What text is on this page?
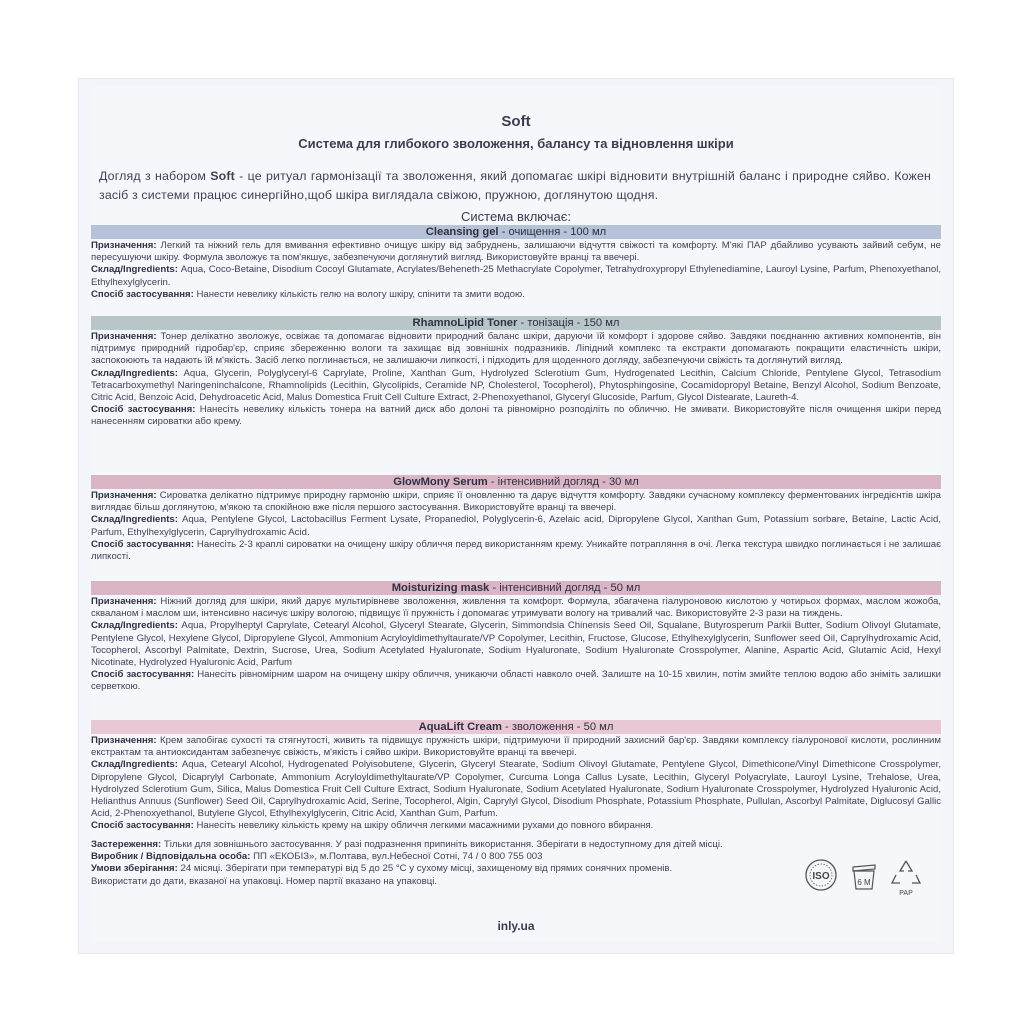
Soft
Система для глибокого зволоження, балансу та відновлення шкіри
Догляд з набором Soft - це ритуал гармонізації та зволоження, який допомагає шкірі відновити внутрішній баланс і природне сяйво. Кожен засіб з системи працює синергійно,щоб шкіра виглядала свіжою, пружною, доглянутою щодня.
Система включає:
Cleansing gel - очищення - 100 мл

Призначення: Легкий та ніжний гель для вмивання ефективно очищує шкіру від забруднень, залишаючи відчуття свіжості та комфорту. М'які ПАР дбайливо усувають зайвий себум, не пересушуючи шкіру. Формула зволожує та пом'якшує, забезпечуючи доглянутий вигляд. Використовуйте вранці та ввечері.

Склад/Ingredients: Aqua, Coco-Betaine, Disodium Cocoyl Glutamate, Acrylates/Beheneth-25 Methacrylate Copolymer, Tetrahydroxypropyl Ethylenediamine, Lauroyl Lysine, Parfum, Phenoxyethanol, Ethylhexylglycerin.

Спосіб застосування: Нанести невелику кількість гелю на вологу шкіру, спінити та змити водою.

RhamnoLipid Toner - тонізація - 150 мл

Призначення: Тонер делікатно зволожує, освіжає та допомагає відновити природний баланс шкіри, даруючи їй комфорт і здорове сяйво. Завдяки поєднанню активних компонентів, він підтримує природний гідробар'єр, сприяє збереженню вологи та захищає від зовнішніх подразників. Ліпідний комплекс та екстракти допомагають покращити еластичність шкіри, заспокоюють та надають їй м'якість. Засіб легко поглинається, не залишаючи липкості, і підходить для щоденного догляду, забезпечуючи свіжість та доглянутий вигляд.

Склад/Ingredients: Aqua, Glycerin, Polyglyceryl-6 Caprylate, Proline, Xanthan Gum, Hydrolyzed Sclerotium Gum, Hydrogenated Lecithin, Calcium Chloride, Pentylene Glycol, Tetrasodium Tetracarboxymethyl Naringeninchalcone, Rhamnolipids (Lecithin, Glycolipids, Ceramide NP, Cholesterol, Tocopherol), Phytosphingosine, Cocamidopropyl Betaine, Benzyl Alcohol, Sodium Benzoate, Citric Acid, Benzoic Acid, Dehydroacetic Acid, Malus Domestica Fruit Cell Culture Extract, 2-Phenoxyethanol, Glyceryl Glucoside, Parfum, Glycol Distearate, Laureth-4.

Спосіб застосування: Нанесіть невелику кількість тонера на ватний диск або долоні та рівномірно розподіліть по обличчю. Не змивати. Використовуйте після очищення шкіри перед нанесенням сироватки або крему.

GlowMony Serum - інтенсивний догляд - 30 мл

Призначення: Сироватка делікатно підтримує природну гармонію шкіри, сприяє її оновленню та дарує відчуття комфорту. Завдяки сучасному комплексу ферментованих інгредієнтів шкіра виглядає більш доглянутою, м'якою та спокійною вже після першого застосування. Використовуйте вранці та ввечері.

Склад/Ingredients: Aqua, Pentylene Glycol, Lactobacillus Ferment Lysate, Propanediol, Polyglycerin-6, Azelaic acid, Dipropylene Glycol, Xanthan Gum, Potassium sorbare, Betaine, Lactic Acid, Parfum, Ethylhexylglycerin, Caprylhydroxamic Acid.

Спосіб застосування: Нанесіть 2-3 краплі сироватки на очищену шкіру обличчя перед використанням крему. Уникайте потрапляння в очі. Легка текстура швидко поглинається і не залишає липкості.

Moisturizing mask - інтенсивний догляд - 50 мл

Призначення: Ніжний догляд для шкіри, який дарує мультирівневе зволоження, живлення та комфорт. Формула, збагачена гіалуроновою кислотою у чотирьох формах, маслом жожоба, скваланом і маслом ши, інтенсивно насичує шкіру вологою, підвищує її пружність і допомагає утримувати вологу на тривалий час. Використовуйте 2-3 рази на тиждень.

Склад/Ingredients: Aqua, Propylheptyl Caprylate, Cetearyl Alcohol, Glyceryl Stearate, Glycerin, Simmondsia Chinensis Seed Oil, Squalane, Butyrosperum Parkii Butter, Sodium Olivoyl Glutamate, Pentylene Glycol, Hexylene Glycol, Dipropylene Glycol, Ammonium Acryloyldimethyltaurate/VP Copolymer, Lecithin, Fructose, Glucose, Ethylhexylglycerin, Sunflower seed Oil, Caprylhydroxamic Acid, Tocopherol, Ascorbyl Palmitate, Dextrin, Sucrose, Urea, Sodium Acetylated Hyaluronate, Sodium Hyaluronate, Sodium Hyaluronate Crosspolymer, Alanine, Aspartic Acid, Glutamic Acid, Hexyl Nicotinate, Hydrolyzed Hyaluronic Acid, Parfum

Спосіб застосування: Нанесіть рівномірним шаром на очищену шкіру обличчя, уникаючи області навколо очей. Залиште на 10-15 хвилин, потім змийте теплою водою або зніміть залишки серветкою.

AquaLift Cream - зволоження - 50 мл

Призначення: Крем запобігає сухості та стягнутості, живить та підвищує пружність шкіри, підтримуючи її природний захисний бар'єр. Завдяки комплексу гіалуронової кислоти, рослинним екстрактам та антиоксидантам забезпечує свіжість, м'якість і сяйво шкіри. Використовуйте вранці та ввечері.

Склад/Ingredients: Aqua, Cetearyl Alcohol, Hydrogenated Polyisobutene, Glycerin, Glyceryl Stearate, Sodium Olivoyl Glutamate, Pentylene Glycol, Dimethicone/Vinyl Dimethicone Crosspolymer, Dipropylene Glycol, Dicaprylyl Carbonate, Ammonium Acryloyldimethyltaurate/VP Copolymer, Curcuma Longa Callus Lysate, Lecithin, Glyceryl Polyacrylate, Lauroyl Lysine, Trehalose, Urea, Hydrolyzed Sclerotium Gum, Silica, Malus Domestica Fruit Cell Culture Extract, Sodium Hyaluronate, Sodium Acetylated Hyaluronate, Sodium Hyaluronate Crosspolymer, Hydrolyzed Hyaluronic Acid, Helianthus Annuus (Sunflower) Seed Oil, Caprylhydroxamic Acid, Serine, Tocopherol, Algin, Caprylyl Glycol, Disodium Phosphate, Potassium Phosphate, Pullulan, Ascorbyl Palmitate, Diglucosyl Gallic Acid, 2-Phenoxyethanol, Butylene Glycol, Ethylhexylglycerin, Citric Acid, Xanthan Gum, Parfum.

Спосіб застосування: Нанесіть невелику кількість крему на шкіру обличчя легкими масажними рухами до повного вбирання.

Застереження: Тільки для зовнішнього застосування. У разі подразнення припиніть використання. Зберігати в недоступному для дітей місці.

Виробник / Відповідальна особа: ПП «ЕКОБІЗ», м.Полтава, вул.Небесної Сотні, 74 / 0 800 755 003

Умови зберігання: 24 місяці. Зберігати при температурі від 5 до 25 °С у сухому місці, захищеному від прямих сонячних променів.

Використати до дати, вказаної на упаковці. Номер партії вказано на упаковці.	ISO
6 M
PAP
inly.ua
